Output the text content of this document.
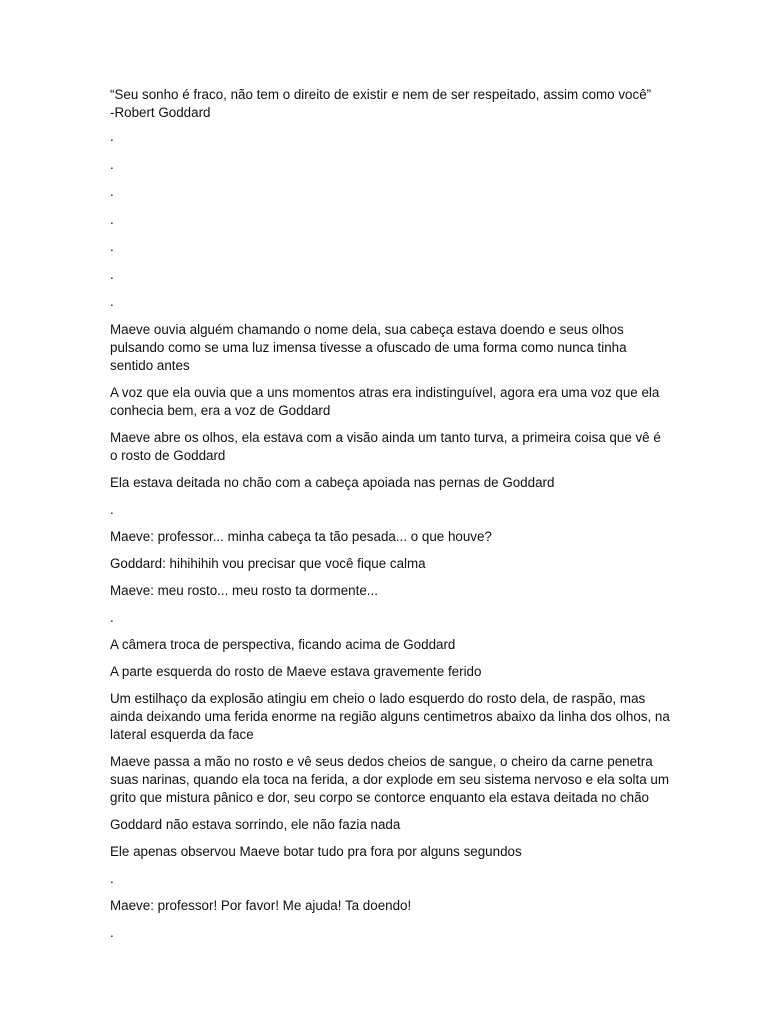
“Seu sonho é fraco, não tem o direito de existir e nem de ser respeitado, assim como você”
-Robert Goddard
.
.
.
.
.
.
.

Maeve ouvia alguém chamando o nome dela, sua cabeça estava doendo e seus olhos pulsando como se uma luz imensa tivesse a ofuscado de uma forma como nunca tinha sentido antes

A voz que ela ouvia que a uns momentos atras era indistinguível, agora era uma voz que ela conhecia bem, era a voz de Goddard

Maeve abre os olhos, ela estava com a visão ainda um tanto turva, a primeira coisa que vê é o rosto de Goddard

Ela estava deitada no chão com a cabeça apoiada nas pernas de Goddard

.

Maeve: professor... minha cabeça ta tão pesada... o que houve?

Goddard: hihihihih vou precisar que você fique calma

Maeve: meu rosto... meu rosto ta dormente...

.

A câmera troca de perspectiva, ficando acima de Goddard

A parte esquerda do rosto de Maeve estava gravemente ferido

Um estilhaço da explosão atingiu em cheio o lado esquerdo do rosto dela, de raspão, mas ainda deixando uma ferida enorme na região alguns centimetros abaixo da linha dos olhos, na lateral esquerda da face

Maeve passa a mão no rosto e vê seus dedos cheios de sangue, o cheiro da carne penetra suas narinas, quando ela toca na ferida, a dor explode em seu sistema nervoso e ela solta um grito que mistura pânico e dor, seu corpo se contorce enquanto ela estava deitada no chão

Goddard não estava sorrindo, ele não fazia nada

Ele apenas observou Maeve botar tudo pra fora por alguns segundos

.

Maeve: professor! Por favor! Me ajuda! Ta doendo!

.
